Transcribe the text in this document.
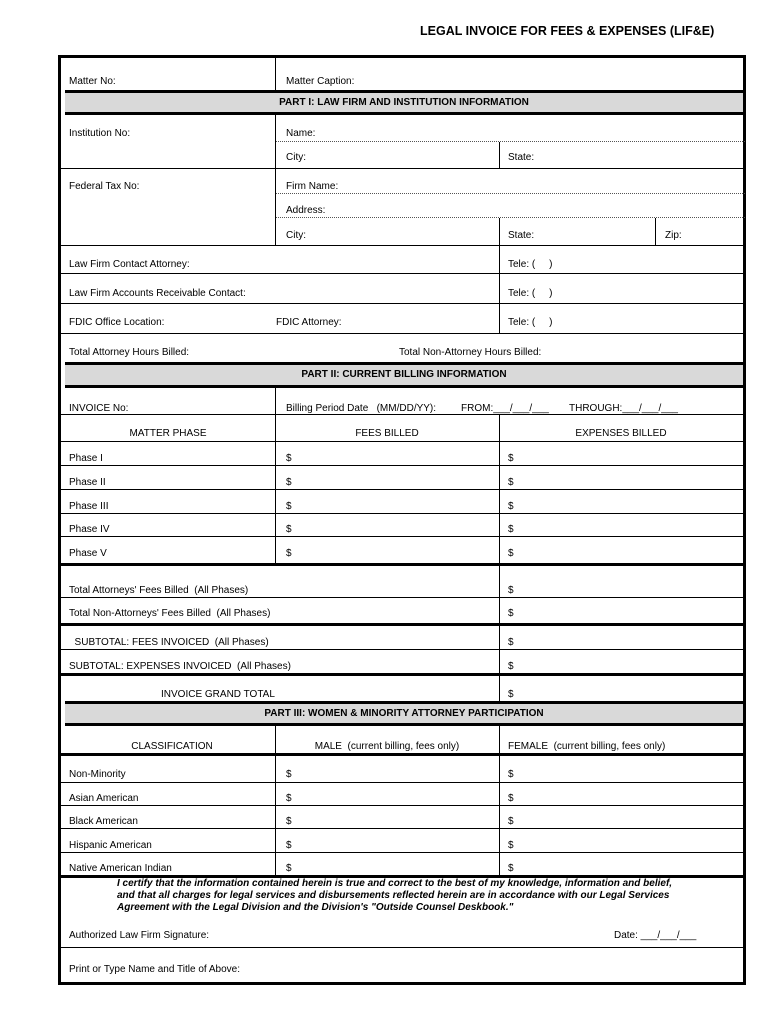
LEGAL INVOICE FOR FEES & EXPENSES (LIF&E)
Matter No:	Matter Caption:
PART I: LAW FIRM AND INSTITUTION INFORMATION
Institution No:	Name:
City:	State:
Federal Tax No:	Firm Name:
Address:
City:	State:	Zip:
Law Firm Contact Attorney:	Tele: (     )
Law Firm Accounts Receivable Contact:	Tele: (     )
FDIC Office Location:	FDIC Attorney:	Tele: (     )
Total Attorney Hours Billed:	Total Non-Attorney Hours Billed:
PART II: CURRENT BILLING INFORMATION
INVOICE No:	Billing Period Date   (MM/DD/YY): FROM:___/___/___ THROUGH:___/___/___
MATTER PHASE	FEES BILLED	EXPENSES BILLED
Phase I	$	$
Phase II	$	$
Phase III	$	$
Phase IV	$	$
Phase V	$	$
Total Attorneys' Fees Billed  (All Phases)	$
Total Non-Attorneys' Fees Billed  (All Phases)	$
SUBTOTAL: FEES INVOICED  (All Phases)	$
SUBTOTAL: EXPENSES INVOICED  (All Phases)	$
INVOICE GRAND TOTAL	$
PART III: WOMEN & MINORITY ATTORNEY PARTICIPATION
CLASSIFICATION	MALE  (current billing, fees only)	FEMALE  (current billing, fees only)
Non-Minority	$	$
Asian American	$	$
Black American	$	$
Hispanic American	$	$
Native American Indian	$	$
I certify that the information contained herein is true and correct to the best of my knowledge, information and belief,
and that all charges for legal services and disbursements reflected herein are in accordance with our Legal Services
Agreement with the Legal Division and the Division's "Outside Counsel Deskbook."
Authorized Law Firm Signature:	Date: ___/___/___
Print or Type Name and Title of Above:
